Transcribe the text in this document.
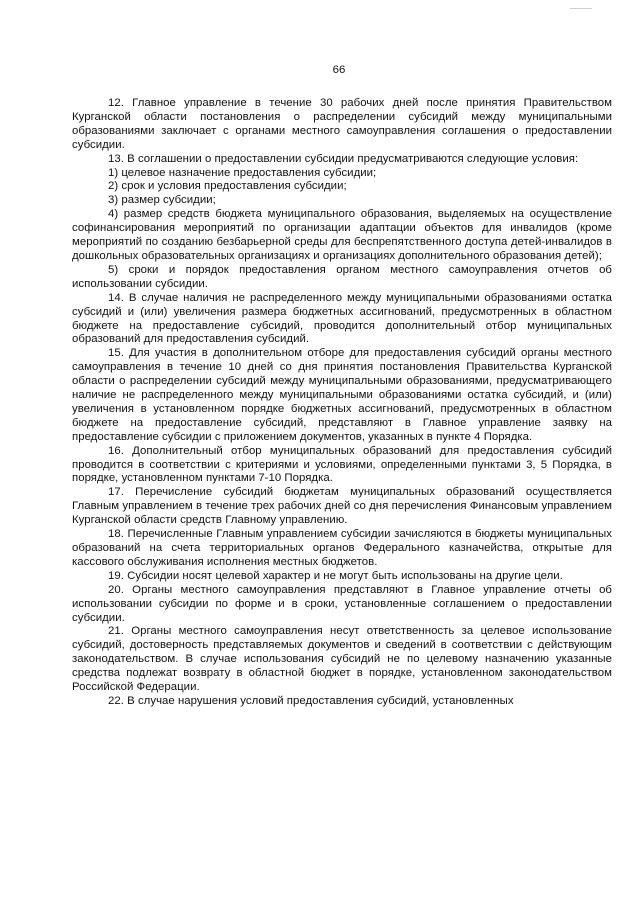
66

12. Главное управление в течение 30 рабочих дней после принятия Правительством Курганской области постановления о распределении субсидий между муниципальными образованиями заключает с органами местного самоуправления соглашения о предоставлении субсидии.

13. В соглашении о предоставлении субсидии предусматриваются следующие условия:

1) целевое назначение предоставления субсидии;

2) срок и условия предоставления субсидии;

3) размер субсидии;

4) размер средств бюджета муниципального образования, выделяемых на осуществление софинансирования мероприятий по организации адаптации объектов для инвалидов (кроме мероприятий по созданию безбарьерной среды для беспрепятственного доступа детей-инвалидов в дошкольных образовательных организациях и организациях дополнительного образования детей);

5) сроки и порядок предоставления органом местного самоуправления отчетов об использовании субсидии.

14. В случае наличия не распределенного между муниципальными образованиями остатка субсидий и (или) увеличения размера бюджетных ассигнований, предусмотренных в областном бюджете на предоставление субсидий, проводится дополнительный отбор муниципальных образований для предоставления субсидий.

15. Для участия в дополнительном отборе для предоставления субсидий органы местного самоуправления в течение 10 дней со дня принятия постановления Правительства Курганской области о распределении субсидий между муниципальными образованиями, предусматривающего наличие не распределенного между муниципальными образованиями остатка субсидий, и (или) увеличения в установленном порядке бюджетных ассигнований, предусмотренных в областном бюджете на предоставление субсидий, представляют в Главное управление заявку на предоставление субсидии с приложением документов, указанных в пункте 4 Порядка.

16. Дополнительный отбор муниципальных образований для предоставления субсидий проводится в соответствии с критериями и условиями, определенными пунктами 3, 5 Порядка, в порядке, установленном пунктами 7-10 Порядка.

17. Перечисление субсидий бюджетам муниципальных образований осуществляется Главным управлением в течение трех рабочих дней со дня перечисления Финансовым управлением Курганской области средств Главному управлению.

18. Перечисленные Главным управлением субсидии зачисляются в бюджеты муниципальных образований на счета территориальных органов Федерального казначейства, открытые для кассового обслуживания исполнения местных бюджетов.

19. Субсидии носят целевой характер и не могут быть использованы на другие цели.

20. Органы местного самоуправления представляют в Главное управление отчеты об использовании субсидии по форме и в сроки, установленные соглашением о предоставлении субсидии.

21. Органы местного самоуправления несут ответственность за целевое использование субсидий, достоверность представляемых документов и сведений в соответствии с действующим законодательством. В случае использования субсидий не по целевому назначению указанные средства подлежат возврату в областной бюджет в порядке, установленном законодательством Российской Федерации.

22. В случае нарушения условий предоставления субсидий, установленных
